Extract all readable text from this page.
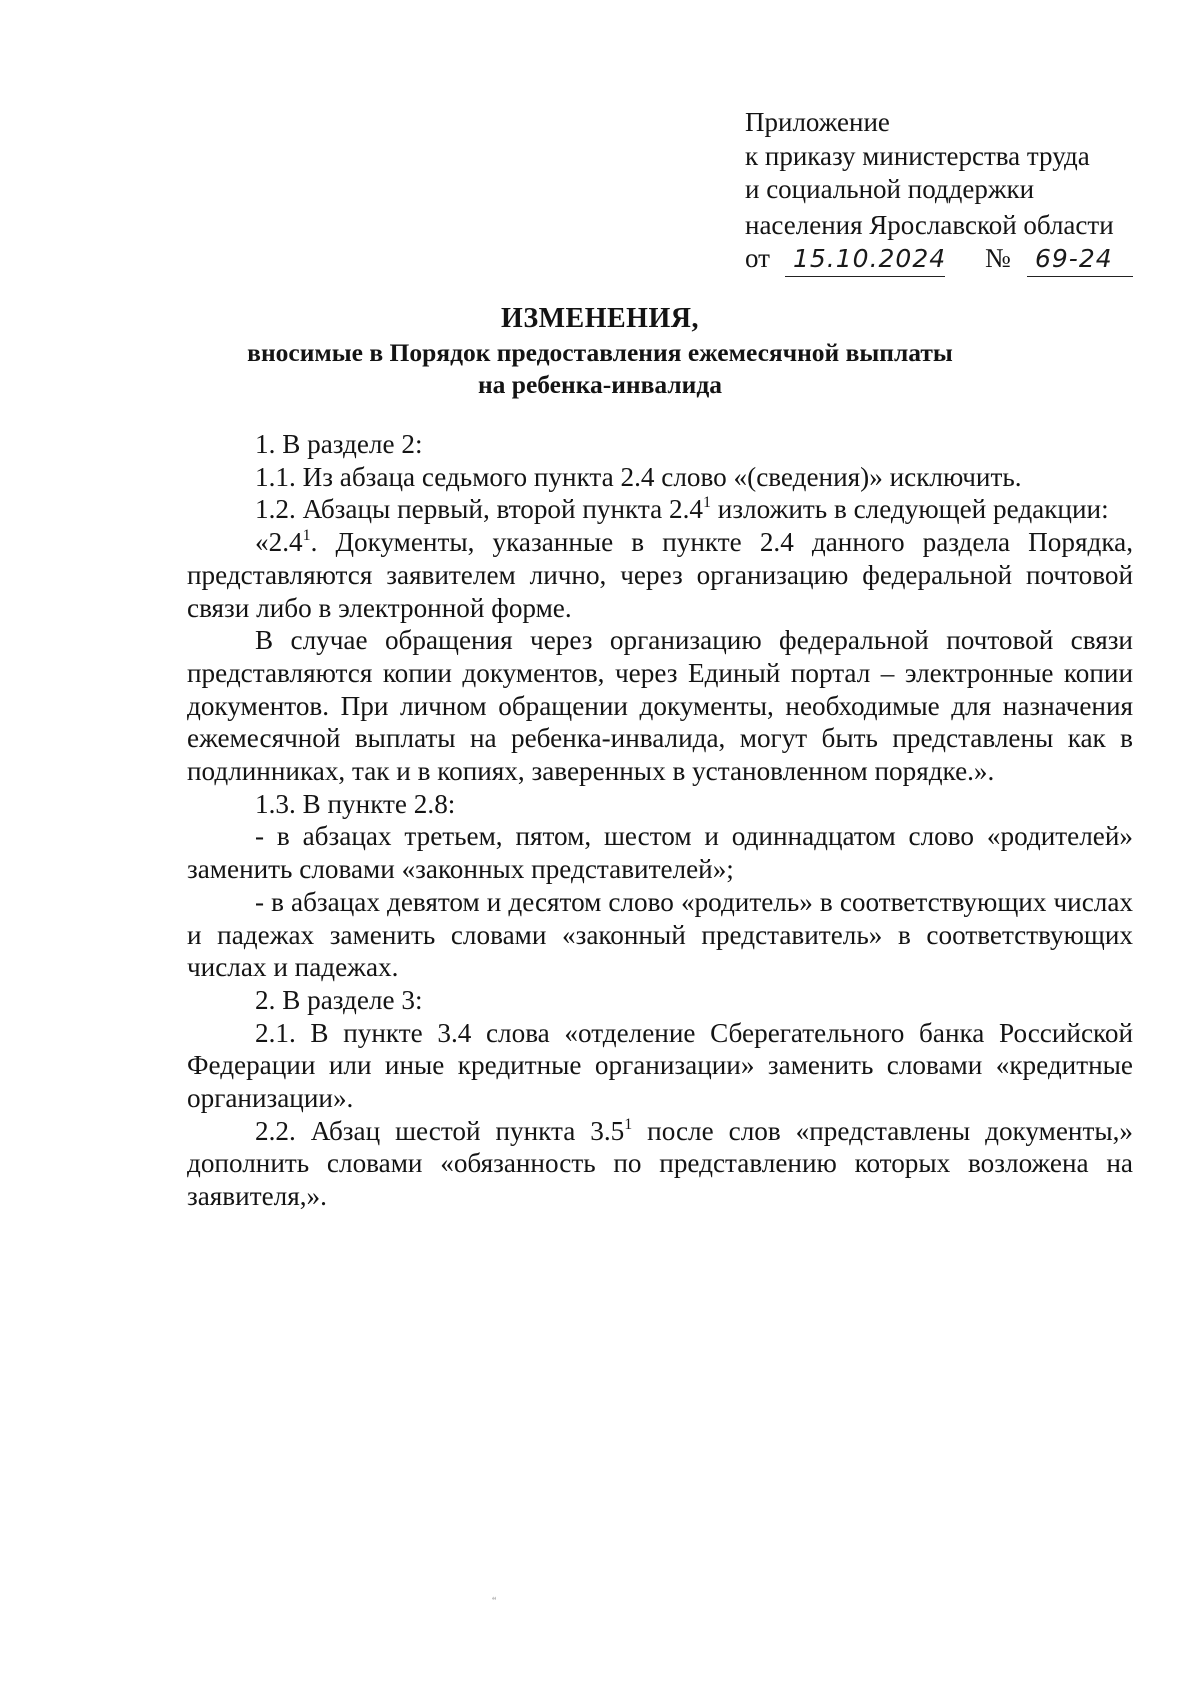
Приложение
к приказу министерства труда
и социальной поддержки
населения Ярославской области
от 15.10.2024 № 69-24
ИЗМЕНЕНИЯ,
вносимые в Порядок предоставления ежемесячной выплаты
на ребенка-инвалида

1. В разделе 2:

1.1. Из абзаца седьмого пункта 2.4 слово «(сведения)» исключить.

1.2. Абзацы первый, второй пункта $2.4^1$ изложить в следующей редакции:

«$2.4^1$. Документы, указанные в пункте 2.4 данного раздела Порядка, представляются заявителем лично, через организацию федеральной почтовой связи либо в электронной форме.

В случае обращения через организацию федеральной почтовой связи представляются копии документов, через Единый портал – электронные копии документов. При личном обращении документы, необходимые для назначения ежемесячной выплаты на ребенка-инвалида, могут быть представлены как в подлинниках, так и в копиях, заверенных в установленном порядке.».

1.3. В пункте 2.8:

- в абзацах третьем, пятом, шестом и одиннадцатом слово «родителей» заменить словами «законных представителей»;

- в абзацах девятом и десятом слово «родитель» в соответствующих числах и падежах заменить словами «законный представитель» в соответствующих числах и падежах.

2. В разделе 3:

2.1. В пункте 3.4 слова «отделение Сберегательного банка Российской Федерации или иные кредитные организации» заменить словами «кредитные организации».

2.2. Абзац шестой пункта $3.5^1$ после слов «представлены документы,» дополнить словами «обязанность по представлению которых возложена на заявителя,».

“
